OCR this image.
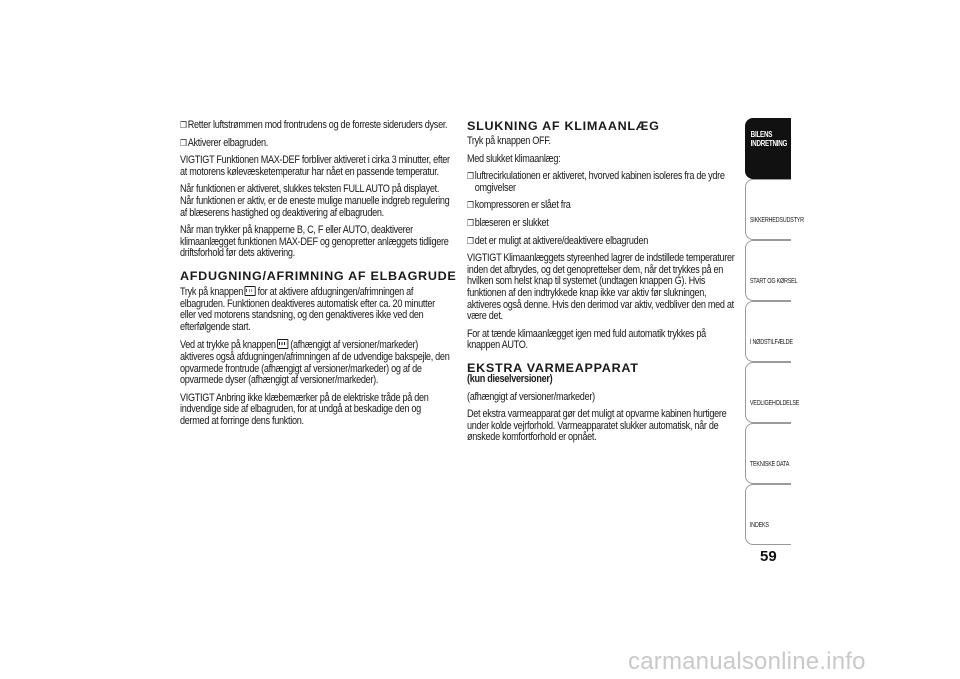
❒Retter luftstrømmen mod frontrudens og de forreste sideruders dyser.
❒Aktiverer elbagruden.

VIGTIGT Funktionen MAX-DEF forbliver aktiveret i cirka 3 minutter, efter at motorens kølevæsketemperatur har nået en passende temperatur.

Når funktionen er aktiveret, slukkes teksten FULL AUTO på displayet. Når funktionen er aktiv, er de eneste mulige manuelle indgreb regulering af blæserens hastighed og deaktivering af elbagruden.

Når man trykker på knapperne B, C, F eller AUTO, deaktiverer klimaanlægget funktionen MAX-DEF og genopretter anlæggets tidligere driftsforhold før dets aktivering.

AFDUGNING/AFRIMNING AF ELBAGRUDE

Tryk på knappen for at aktivere afdugningen/afrimningen af elbagruden. Funktionen deaktiveres automatisk efter ca. 20 minutter eller ved motorens standsning, og den genaktiveres ikke ved den efterfølgende start.

Ved at trykke på knappen (afhængigt af versioner/markeder) aktiveres også afdugningen/afrimningen af de udvendige bakspejle, den opvarmede frontrude (afhængigt af versioner/markeder) og af de opvarmede dyser (afhængigt af versioner/markeder).

VIGTIGT Anbring ikke klæbemærker på de elektriske tråde på den indvendige side af elbagruden, for at undgå at beskadige den og dermed at forringe dens funktion.

SLUKNING AF KLIMAANLÆG

Tryk på knappen OFF.

Med slukket klimaanlæg:

❒luftrecirkulationen er aktiveret, hvorved kabinen isoleres fra de ydre omgivelser
❒kompressoren er slået fra
❒blæseren er slukket
❒det er muligt at aktivere/deaktivere elbagruden

VIGTIGT Klimaanlæggets styreenhed lagrer de indstillede temperaturer inden det afbrydes, og det genoprettelser dem, når det trykkes på en hvilken som helst knap til systemet (undtagen knappen G). Hvis funktionen af den indtrykkede knap ikke var aktiv før slukningen, aktiveres også denne. Hvis den derimod var aktiv, vedbliver den med at være det.

For at tænde klimaanlægget igen med fuld automatik trykkes på knappen AUTO.

EKSTRA VARMEAPPARAT

(kun dieselversioner)

(afhængigt af versioner/markeder)

Det ekstra varmeapparat gør det muligt at opvarme kabinen hurtigere under kolde vejrforhold. Varmeapparatet slukker automatisk, når de ønskede komfortforhold er opnået.

BILENS INDRETNING
SIKKERHEDSUDSTYR
START OG KØRSEL
I NØDSTILFÆLDE
VEDLIGEHOLDELSE
TEKNISKE DATA
INDEKS
59
carmanualsonline.info
